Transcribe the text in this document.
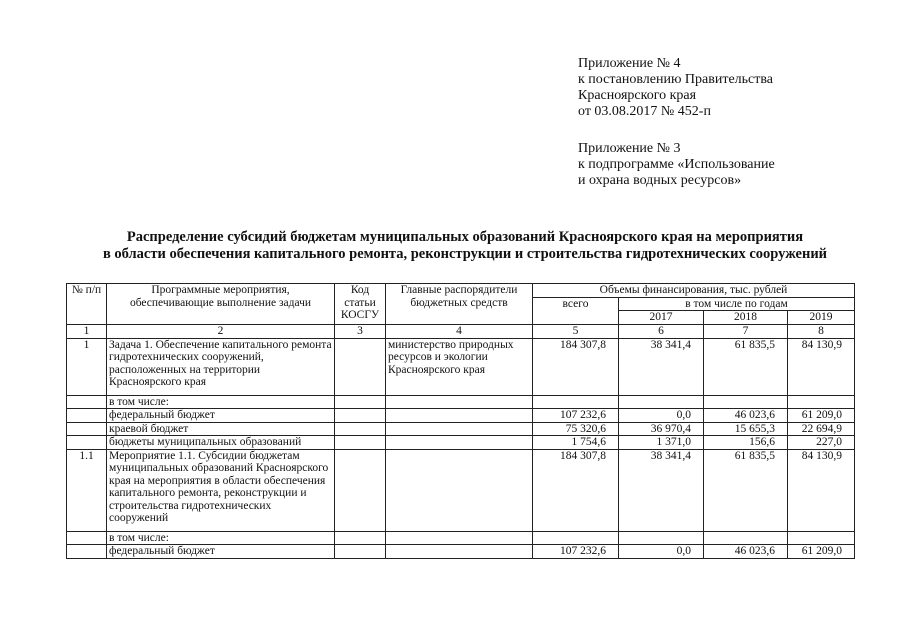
Приложение № 4
к постановлению Правительства
Красноярского края
от 03.08.2017 № 452-п
Приложение № 3
к подпрограмме «Использование
и охрана водных ресурсов»
Распределение субсидий бюджетам муниципальных образований Красноярского края на мероприятия
в области обеспечения капитального ремонта, реконструкции и строительства гидротехнических сооружений
№ п/п	Программные мероприятия, обеспечивающие выполнение задачи	Код статьи КОСГУ	Главные распорядители бюджетных средств	Объемы финансирования, тыс. рублей			
				всего	в том числе по годам		
					2017	2018	2019
1	2	3	4	5	6	7	8
1	Задача 1. Обеспечение капитального ремонта гидротехнических сооружений, расположенных на территории Красноярского края		министерство природных ресурсов и экологии Красноярского края	184 307,8	38 341,4	61 835,5	84 130,9
	в том числе:						
	федеральный бюджет			107 232,6	0,0	46 023,6	61 209,0
	краевой бюджет			75 320,6	36 970,4	15 655,3	22 694,9
	бюджеты муниципальных образований			1 754,6	1 371,0	156,6	227,0
1.1	Мероприятие 1.1. Субсидии бюджетам муниципальных образований Красноярского края на мероприятия в области обеспечения капитального ремонта, реконструкции и строительства гидротехнических сооружений			184 307,8	38 341,4	61 835,5	84 130,9
	в том числе:						
	федеральный бюджет			107 232,6	0,0	46 023,6	61 209,0
